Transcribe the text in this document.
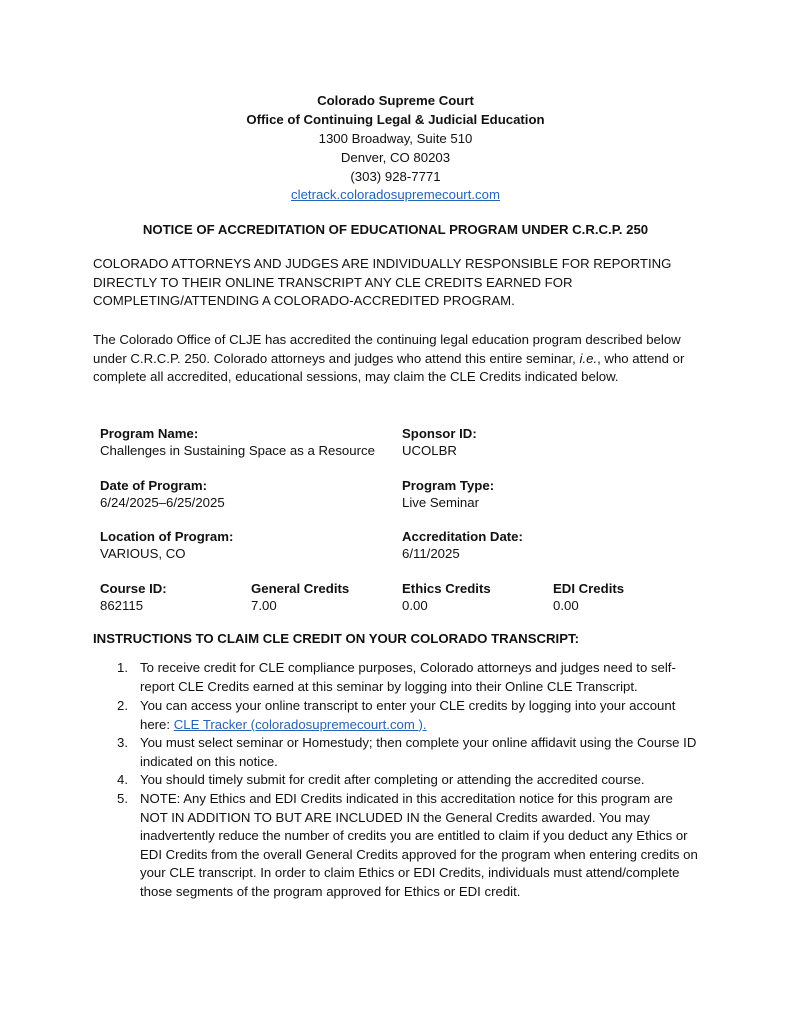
Colorado Supreme Court
Office of Continuing Legal & Judicial Education
1300 Broadway, Suite 510
Denver, CO 80203
(303) 928-7771
cletrack.coloradosupremecourt.com
NOTICE OF ACCREDITATION OF EDUCATIONAL PROGRAM UNDER C.R.C.P. 250
COLORADO ATTORNEYS AND JUDGES ARE INDIVIDUALLY RESPONSIBLE FOR REPORTING DIRECTLY TO THEIR ONLINE TRANSCRIPT ANY CLE CREDITS EARNED FOR COMPLETING/ATTENDING A COLORADO-ACCREDITED PROGRAM.
The Colorado Office of CLJE has accredited the continuing legal education program described below under C.R.C.P. 250. Colorado attorneys and judges who attend this entire seminar, i.e., who attend or complete all accredited, educational sessions, may claim the CLE Credits indicated below.
Program Name:
Challenges in Sustaining Space as a Resource
Sponsor ID:
UCOLBR
Date of Program:
6/24/2025–6/25/2025
Program Type:
Live Seminar
Location of Program:
VARIOUS, CO
Accreditation Date:
6/11/2025
Course ID:
862115
General Credits
7.00
Ethics Credits
0.00
EDI Credits
0.00
INSTRUCTIONS TO CLAIM CLE CREDIT ON YOUR COLORADO TRANSCRIPT:
1. To receive credit for CLE compliance purposes, Colorado attorneys and judges need to self-report CLE Credits earned at this seminar by logging into their Online CLE Transcript.
2. You can access your online transcript to enter your CLE credits by logging into your account here: CLE Tracker (coloradosupremecourt.com ).
3. You must select seminar or Homestudy; then complete your online affidavit using the Course ID indicated on this notice.
4. You should timely submit for credit after completing or attending the accredited course.
5. NOTE: Any Ethics and EDI Credits indicated in this accreditation notice for this program are NOT IN ADDITION TO BUT ARE INCLUDED IN the General Credits awarded. You may inadvertently reduce the number of credits you are entitled to claim if you deduct any Ethics or EDI Credits from the overall General Credits approved for the program when entering credits on your CLE transcript. In order to claim Ethics or EDI Credits, individuals must attend/complete those segments of the program approved for Ethics or EDI credit.
